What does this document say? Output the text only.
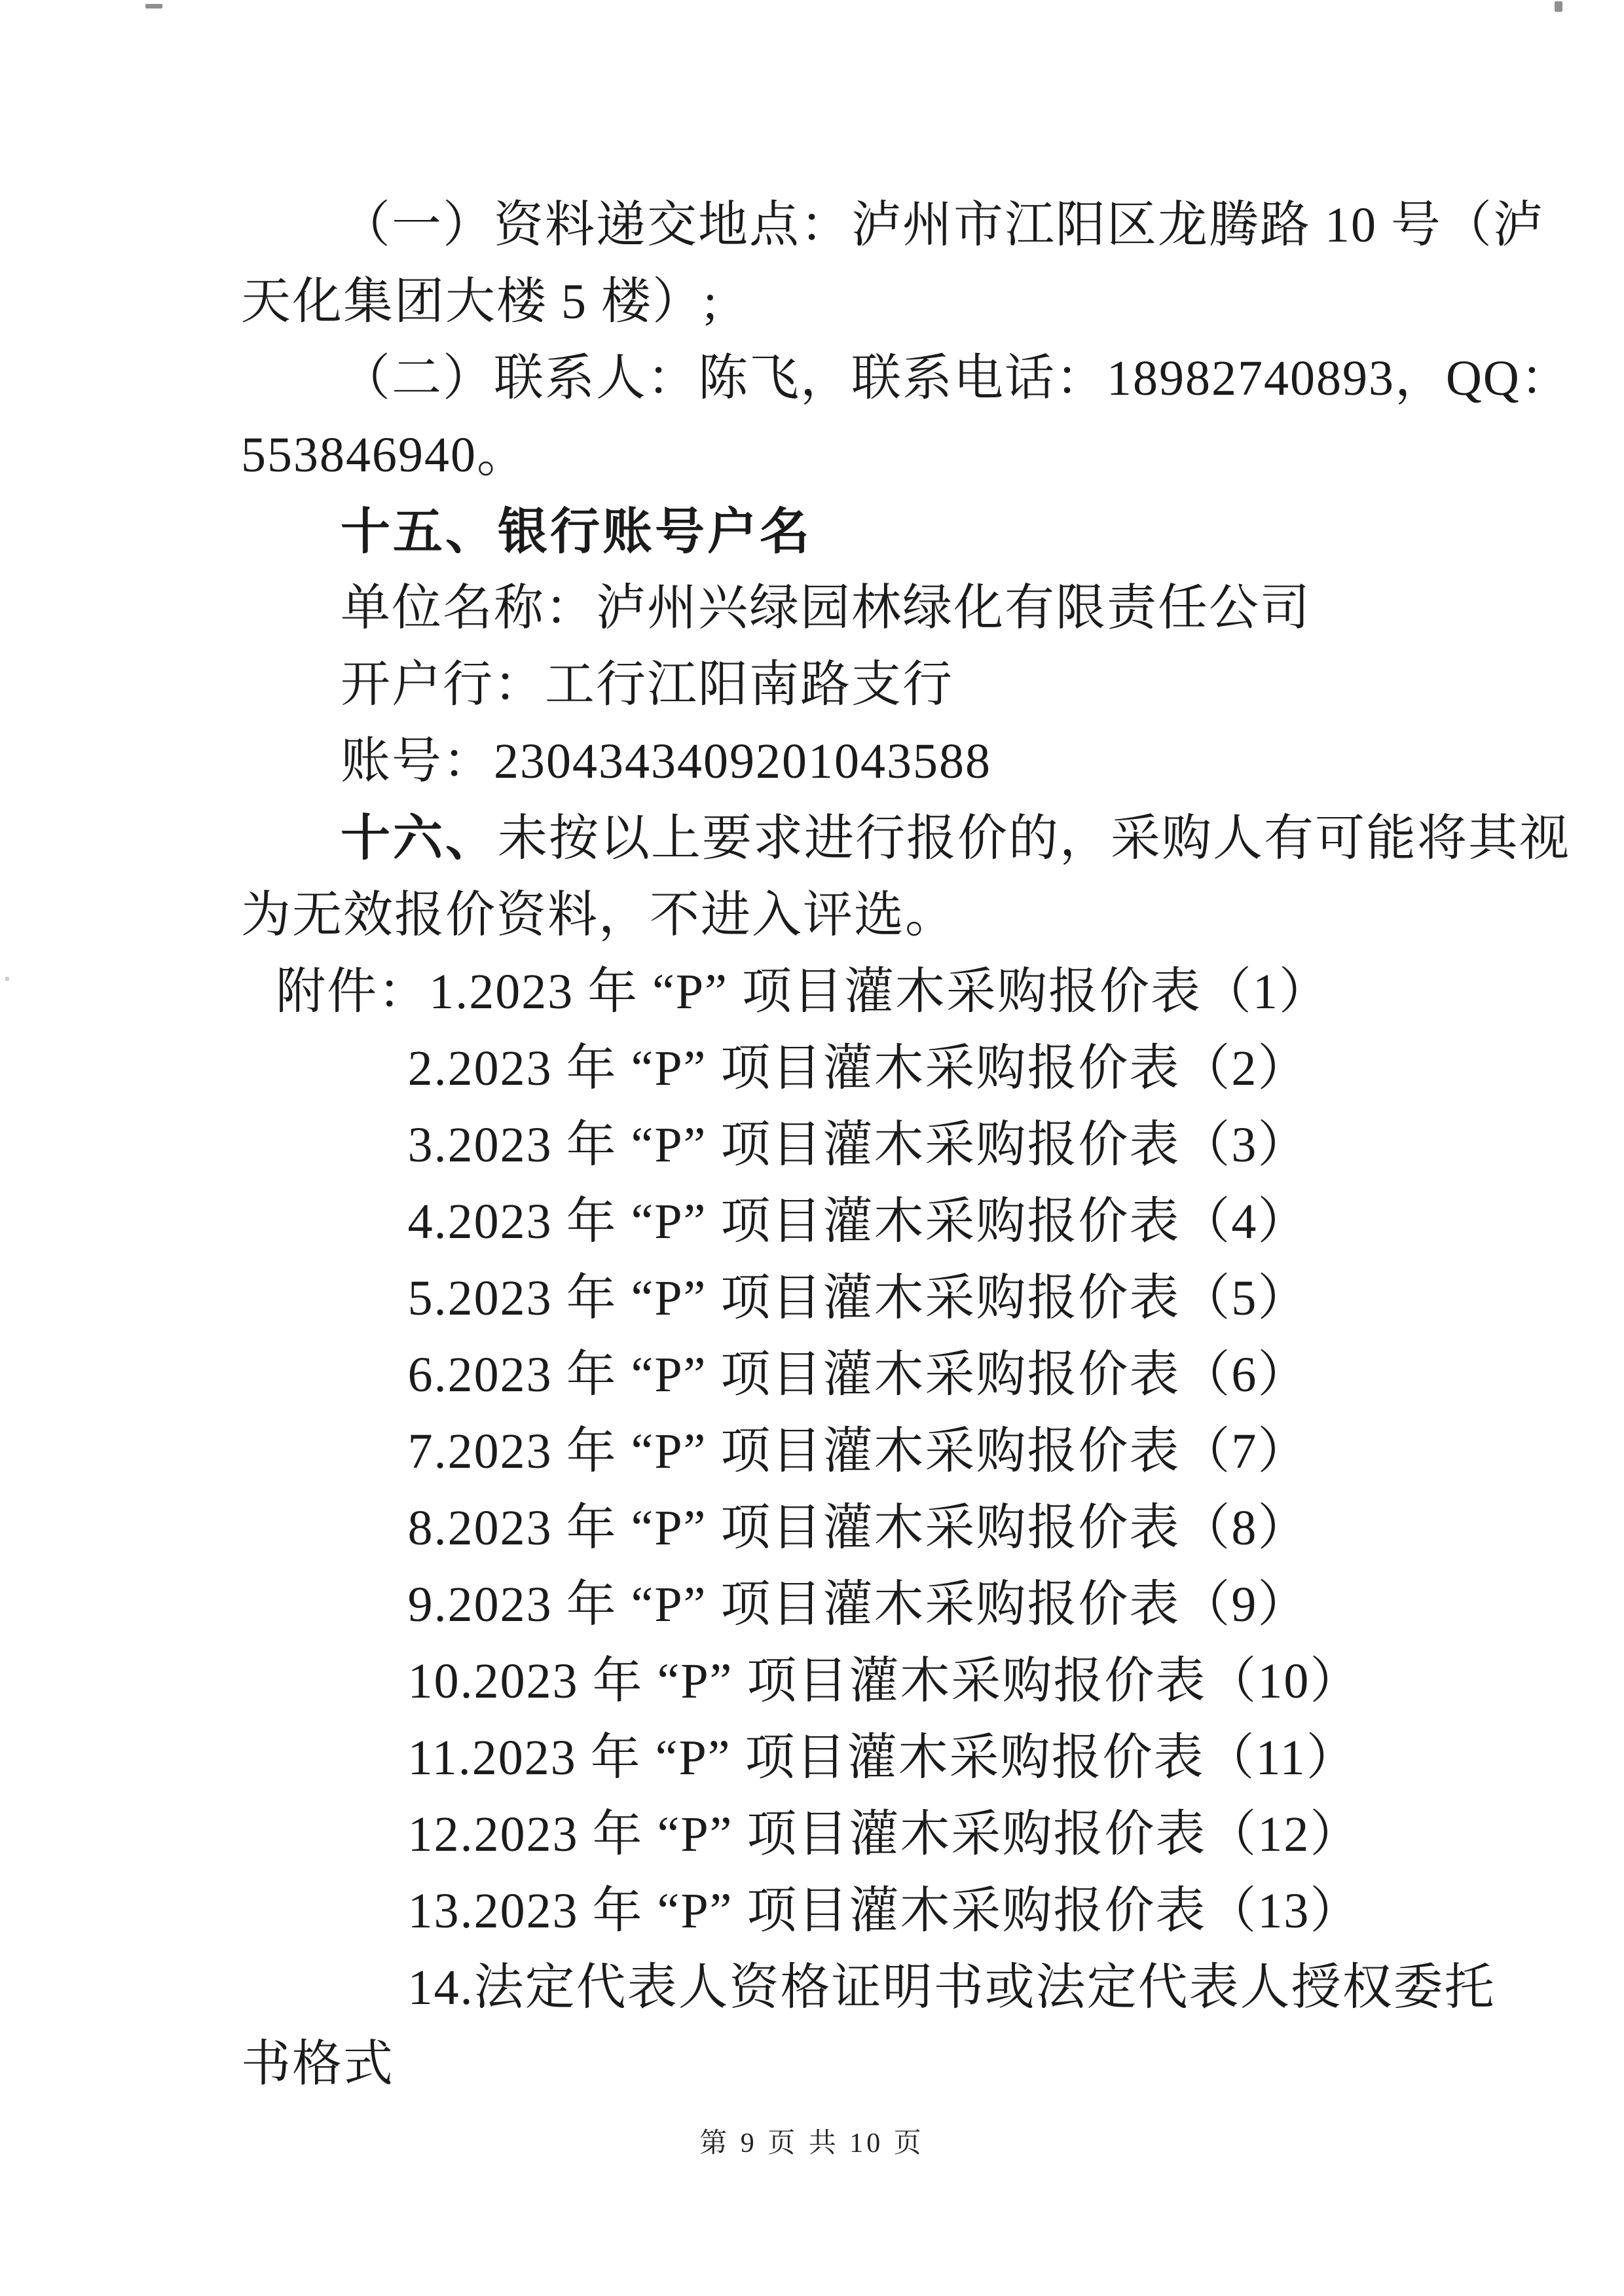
（一）资料递交地点：泸州市江阳区龙腾路 10 号（泸
天化集团大楼 5 楼）;
（二）联系人：陈飞，联系电话：18982740893，QQ：
553846940。
十五、银行账号户名
单位名称：泸州兴绿园林绿化有限责任公司
开户行：工行江阳南路支行
账号：2304343409201043588
十六、未按以上要求进行报价的，采购人有可能将其视
为无效报价资料，不进入评选。
附件：1.2023 年 “P” 项目灌木采购报价表（1）
2.2023 年 “P” 项目灌木采购报价表（2）
3.2023 年 “P” 项目灌木采购报价表（3）
4.2023 年 “P” 项目灌木采购报价表（4）
5.2023 年 “P” 项目灌木采购报价表（5）
6.2023 年 “P” 项目灌木采购报价表（6）
7.2023 年 “P” 项目灌木采购报价表（7）
8.2023 年 “P” 项目灌木采购报价表（8）
9.2023 年 “P” 项目灌木采购报价表（9）
10.2023 年 “P” 项目灌木采购报价表（10）
11.2023 年 “P” 项目灌木采购报价表（11）
12.2023 年 “P” 项目灌木采购报价表（12）
13.2023 年 “P” 项目灌木采购报价表（13）
14.法定代表人资格证明书或法定代表人授权委托
书格式
第 9 页 共 10 页
